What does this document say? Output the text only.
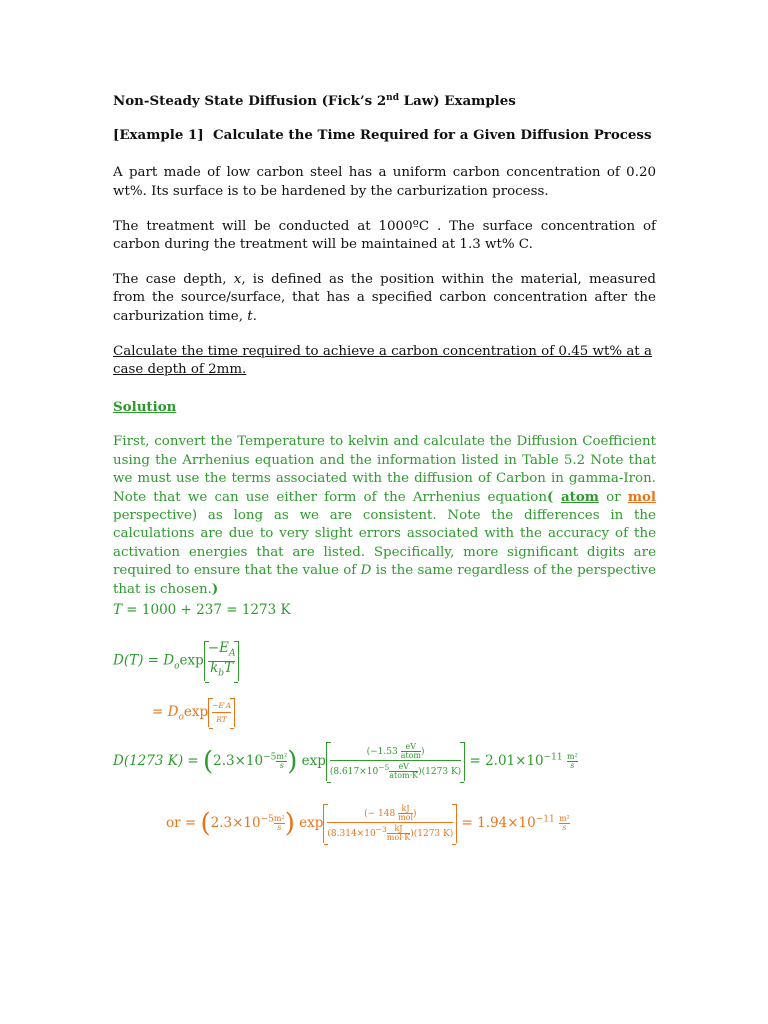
Non-Steady State Diffusion (Fick’s 2nd Law) Examples

[Example 1] Calculate the Time Required for a Given Diffusion Process

A part made of low carbon steel has a uniform carbon concentration of 0.20 wt%. Its surface is to be hardened by the carburization process.

The treatment will be conducted at 1000ºC . The surface concentration of carbon during the treatment will be maintained at 1.3 wt% C.

The case depth, x, is defined as the position within the material, measured from the source/surface, that has a specified carbon concentration after the carburization time, t.

Calculate the time required to achieve a carbon concentration of 0.45 wt% at a case depth of 2mm.

Solution

First, convert the Temperature to kelvin and calculate the Diffusion Coefficient using the Arrhenius equation and the information listed in Table 5.2 Note that we must use the terms associated with the diffusion of Carbon in gamma-Iron. Note that we can use either form of the Arrhenius equation( atom or mol perspective) as long as we are consistent. Note the differences in the calculations are due to very slight errors associated with the accuracy of the activation energies that are listed. Specifically, more significant digits are required to ensure that the value of D is the same regardless of the perspective that is chosen.)

T = 1000 + 237 = 1273 K
$D(T) = D_o\exp \frac{-E_A}{k_bT}$
= $D_o\exp \frac{-E'A}{RT}$
D(1273 $K) = (2.3\times 10^{-5} \frac{\text{m²}}{s}$ ) exp (−1.53
eV
atom )
($8.617\times 10^{-5}$	eV
atom·K )(1273 $K) = 2.01\times 10^{-11} \frac{\text{m²}}{s}$
or = ($2.3\times 10^{-5} \frac{\text{m²}}{s}$ ) exp (− 148
kJ
mol )
($8.314\times 10^{-3}$ kJ
mol·K )(1273 $K) = 1.94\times 10^{-11} \frac{\text{m²}}{s}$
